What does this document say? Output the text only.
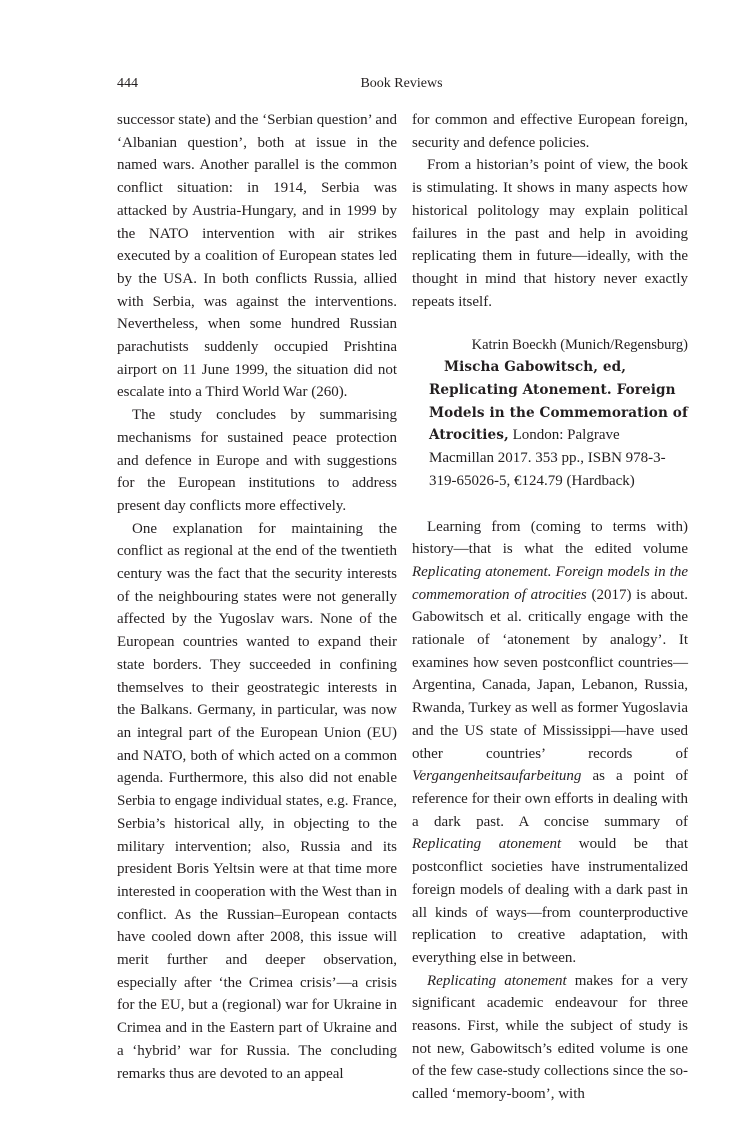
444	Book Reviews

successor state) and the ‘Serbian question’ and ‘Albanian question’, both at issue in the named wars. Another parallel is the common conflict situation: in 1914, Serbia was attacked by Austria-Hungary, and in 1999 by the NATO intervention with air strikes executed by a coalition of European states led by the USA. In both conflicts Russia, allied with Serbia, was against the interventions. Nevertheless, when some hundred Russian parachutists suddenly occupied Prishtina airport on 11 June 1999, the situation did not escalate into a Third World War (260).

The study concludes by summarising mechanisms for sustained peace protection and defence in Europe and with suggestions for the European institutions to address present day conflicts more effectively.

One explanation for maintaining the conflict as regional at the end of the twentieth century was the fact that the security interests of the neighbouring states were not generally affected by the Yugoslav wars. None of the European countries wanted to expand their state borders. They succeeded in confining themselves to their geostrategic interests in the Balkans. Germany, in particular, was now an integral part of the European Union (EU) and NATO, both of which acted on a common agenda. Furthermore, this also did not enable Serbia to engage individual states, e.g. France, Serbia’s historical ally, in objecting to the military intervention; also, Russia and its president Boris Yeltsin were at that time more interested in cooperation with the West than in conflict. As the Russian–European contacts have cooled down after 2008, this issue will merit further and deeper observation, especially after ‘the Crimea crisis’—a crisis for the EU, but a (regional) war for Ukraine in Crimea and in the Eastern part of Ukraine and a ‘hybrid’ war for Russia. The concluding remarks thus are devoted to an appeal

for common and effective European foreign, security and defence policies.

From a historian’s point of view, the book is stimulating. It shows in many aspects how historical politology may explain political failures in the past and help in avoiding replicating them in future—ideally, with the thought in mind that history never exactly repeats itself.

Katrin Boeckh (Munich/Regensburg)

Mischa Gabowitsch, ed, Replicating Atonement. Foreign Models in the Commemoration of Atrocities, London: Palgrave Macmillan 2017. 353 pp., ISBN 978-3-319-65026-5, €124.79 (Hardback)

Learning from (coming to terms with) history—that is what the edited volume Replicating atonement. Foreign models in the commemoration of atrocities (2017) is about. Gabowitsch et al. critically engage with the rationale of ‘atonement by analogy’. It examines how seven postconflict countries—Argentina, Canada, Japan, Lebanon, Russia, Rwanda, Turkey as well as former Yugoslavia and the US state of Mississippi—have used other countries’ records of Vergangenheitsaufarbeitung as a point of reference for their own efforts in dealing with a dark past. A concise summary of Replicating atonement would be that postconflict societies have instrumentalized foreign models of dealing with a dark past in all kinds of ways—from counterproductive replication to creative adaptation, with everything else in between.

Replicating atonement makes for a very significant academic endeavour for three reasons. First, while the subject of study is not new, Gabowitsch’s edited volume is one of the few case-study collections since the so-called ‘memory-boom’, with
